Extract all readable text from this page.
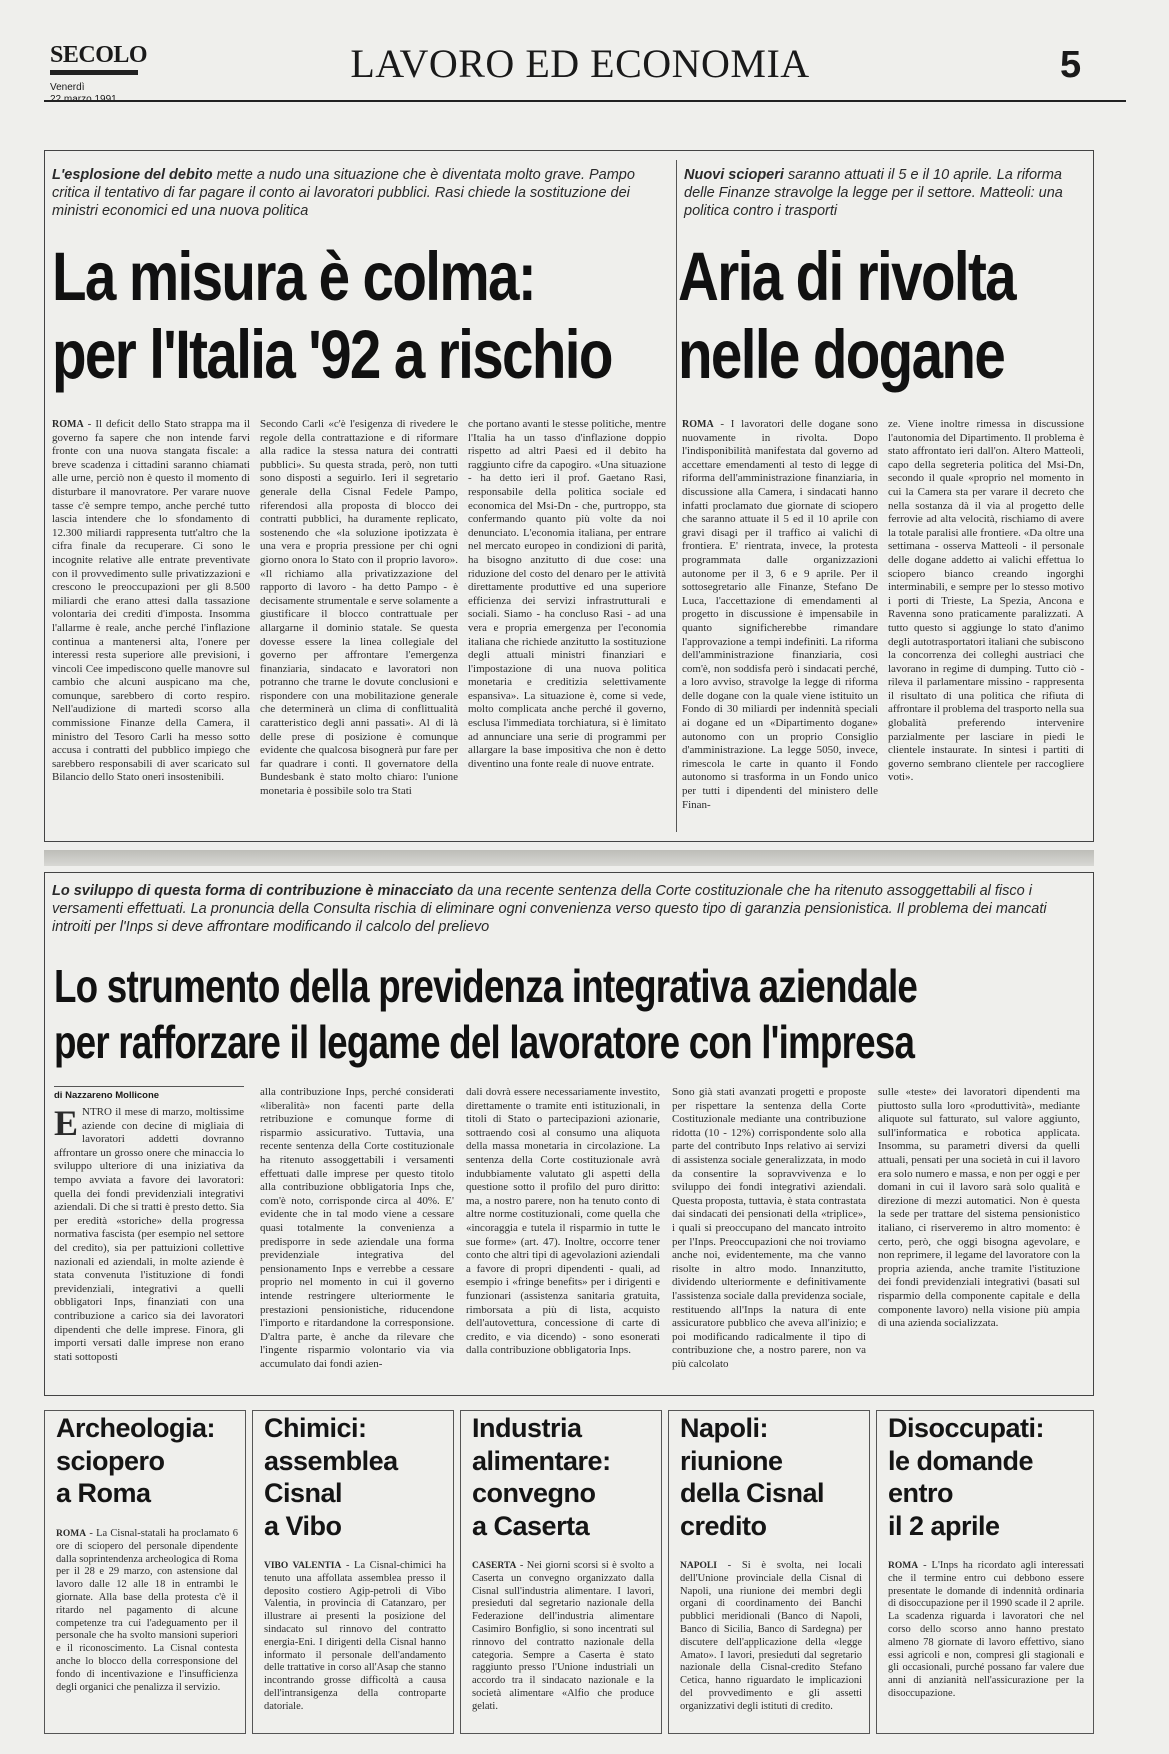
SECOLO
Venerdì
LAVORO ED ECONOMIA	5
L'esplosione del debito mette a nudo una situazione che è diventata molto grave. Pampo critica il tentativo di far pagare il conto ai lavoratori pubblici. Rasi chiede la sostituzione dei ministri economici ed una nuova politica
La misura è colma:
per l'Italia '92 a rischio
ROMA - Il deficit dello Stato strappa ma il governo fa sapere che non intende farvi fronte con una nuova stangata fiscale: a breve scadenza i cittadini saranno chiamati alle urne, perciò non è questo il momento di disturbare il manovratore. Per varare nuove tasse c'è sempre tempo, anche perché tutto lascia intendere che lo sfondamento di 12.300 miliardi rappresenta tutt'altro che la cifra finale da recuperare. Ci sono le incognite relative alle entrate preventivate con il provvedimento sulle privatizzazioni e crescono le preoccupazioni per gli 8.500 miliardi che erano attesi dalla tassazione volontaria dei crediti d'imposta. Insomma l'allarme è reale, anche perché l'inflazione continua a mantenersi alta, l'onere per interessi resta superiore alle previsioni, i vincoli Cee impediscono quelle manovre sul cambio che alcuni auspicano ma che, comunque, sarebbero di corto respiro. Nell'audizione di martedì scorso alla commissione Finanze della Camera, il ministro del Tesoro Carli ha messo sotto accusa i contratti del pubblico impiego che sarebbero responsabili di aver scaricato sul Bilancio dello Stato oneri insostenibili.
Secondo Carli «c'è l'esigenza di rivedere le regole della contrattazione e di riformare alla radice la stessa natura dei contratti pubblici». Su questa strada, però, non tutti sono disposti a seguirlo. Ieri il segretario generale della Cisnal Fedele Pampo, riferendosi alla proposta di blocco dei contratti pubblici, ha duramente replicato, sostenendo che «la soluzione ipotizzata è una vera e propria pressione per chi ogni giorno onora lo Stato con il proprio lavoro». «Il richiamo alla privatizzazione del rapporto di lavoro - ha detto Pampo - è decisamente strumentale e serve solamente a giustificare il blocco contrattuale per allargarne il dominio statale. Se questa dovesse essere la linea collegiale del governo per affrontare l'emergenza finanziaria, sindacato e lavoratori non potranno che trarne le dovute conclusioni e rispondere con una mobilitazione generale che determinerà un clima di conflittualità caratteristico degli anni passati». Al di là delle prese di posizione è comunque evidente che qualcosa bisognerà pur fare per far quadrare i conti. Il governatore della Bundesbank è stato molto chiaro: l'unione monetaria è possibile solo tra Stati
che portano avanti le stesse politiche, mentre l'Italia ha un tasso d'inflazione doppio rispetto ad altri Paesi ed il debito ha raggiunto cifre da capogiro. «Una situazione - ha detto ieri il prof. Gaetano Rasi, responsabile della politica sociale ed economica del Msi-Dn - che, purtroppo, sta confermando quanto più volte da noi denunciato. L'economia italiana, per entrare nel mercato europeo in condizioni di parità, ha bisogno anzitutto di due cose: una riduzione del costo del denaro per le attività direttamente produttive ed una superiore efficienza dei servizi infrastrutturali e sociali. Siamo - ha concluso Rasi - ad una vera e propria emergenza per l'economia italiana che richiede anzitutto la sostituzione degli attuali ministri finanziari e l'impostazione di una nuova politica monetaria e creditizia selettivamente espansiva». La situazione è, come si vede, molto complicata anche perché il governo, esclusa l'immediata torchiatura, si è limitato ad annunciare una serie di programmi per allargare la base impositiva che non è detto diventino una fonte reale di nuove entrate.
Nuovi scioperi saranno attuati il 5 e il 10 aprile. La riforma delle Finanze stravolge la legge per il settore. Matteoli: una politica contro i trasporti
Aria di rivolta
nelle dogane
ROMA - I lavoratori delle dogane sono nuovamente in rivolta. Dopo l'indisponibilità manifestata dal governo ad accettare emendamenti al testo di legge di riforma dell'amministrazione finanziaria, in discussione alla Camera, i sindacati hanno infatti proclamato due giornate di sciopero che saranno attuate il 5 ed il 10 aprile con gravi disagi per il traffico ai valichi di frontiera. E' rientrata, invece, la protesta programmata dalle organizzazioni autonome per il 3, 6 e 9 aprile. Per il sottosegretario alle Finanze, Stefano De Luca, l'accettazione di emendamenti al progetto in discussione è impensabile in quanto significherebbe rimandare l'approvazione a tempi indefiniti. La riforma dell'amministrazione finanziaria, così com'è, non soddisfa però i sindacati perché, a loro avviso, stravolge la legge di riforma delle dogane con la quale viene istituito un Fondo di 30 miliardi per indennità speciali ai dogane ed un «Dipartimento dogane» autonomo con un proprio Consiglio d'amministrazione. La legge 5050, invece, rimescola le carte in quanto il Fondo autonomo si trasforma in un Fondo unico per tutti i dipendenti del ministero delle Finan-
ze. Viene inoltre rimessa in discussione l'autonomia del Dipartimento. Il problema è stato affrontato ieri dall'on. Altero Matteoli, capo della segreteria politica del Msi-Dn, secondo il quale «proprio nel momento in cui la Camera sta per varare il decreto che nella sostanza dà il via al progetto delle ferrovie ad alta velocità, rischiamo di avere la totale paralisi alle frontiere. «Da oltre una settimana - osserva Matteoli - il personale delle dogane addetto ai valichi effettua lo sciopero bianco creando ingorghi interminabili, e sempre per lo stesso motivo i porti di Trieste, La Spezia, Ancona e Ravenna sono praticamente paralizzati. A tutto questo si aggiunge lo stato d'animo degli autotrasportatori italiani che subiscono la concorrenza dei colleghi austriaci che lavorano in regime di dumping. Tutto ciò - rileva il parlamentare missino - rappresenta il risultato di una politica che rifiuta di affrontare il problema del trasporto nella sua globalità preferendo intervenire parzialmente per lasciare in piedi le clientele instaurate. In sintesi i partiti di governo sembrano clientele per raccogliere voti».
Lo sviluppo di questa forma di contribuzione è minacciato da una recente sentenza della Corte costituzionale che ha ritenuto assoggettabili al fisco i versamenti effettuati. La pronuncia della Consulta rischia di eliminare ogni convenienza verso questo tipo di garanzia pensionistica. Il problema dei mancati introiti per l'Inps si deve affrontare modificando il calcolo del prelievo
Lo strumento della previdenza integrativa aziendale
per rafforzare il legame del lavoratore con l'impresa
di Nazzareno Mollicone
ENTRO il mese di marzo, moltissime aziende con decine di migliaia di lavoratori addetti dovranno affrontare un grosso onere che minaccia lo sviluppo ulteriore di una iniziativa da tempo avviata a favore dei lavoratori: quella dei fondi previdenziali integrativi aziendali. Di che si tratti è presto detto. Sia per eredità «storiche» della progressa normativa fascista (per esempio nel settore del credito), sia per pattuizioni collettive nazionali ed aziendali, in molte aziende è stata convenuta l'istituzione di fondi previdenziali, integrativi a quelli obbligatori Inps, finanziati con una contribuzione a carico sia dei lavoratori dipendenti che delle imprese. Finora, gli importi versati dalle imprese non erano stati sottoposti
alla contribuzione Inps, perché considerati «liberalità» non facenti parte della retribuzione e comunque forme di risparmio assicurativo. Tuttavia, una recente sentenza della Corte costituzionale ha ritenuto assoggettabili i versamenti effettuati dalle imprese per questo titolo alla contribuzione obbligatoria Inps che, com'è noto, corrisponde circa al 40%. E' evidente che in tal modo viene a cessare quasi totalmente la convenienza a predisporre in sede aziendale una forma previdenziale integrativa del pensionamento Inps e verrebbe a cessare proprio nel momento in cui il governo intende restringere ulteriormente le prestazioni pensionistiche, riducendone l'importo e ritardandone la corresponsione. D'altra parte, è anche da rilevare che l'ingente risparmio volontario via via accumulato dai fondi azien-
dali dovrà essere necessariamente investito, direttamente o tramite enti istituzionali, in titoli di Stato o partecipazioni azionarie, sottraendo così al consumo una aliquota della massa monetaria in circolazione. La sentenza della Corte costituzionale avrà indubbiamente valutato gli aspetti della questione sotto il profilo del puro diritto: ma, a nostro parere, non ha tenuto conto di altre norme costituzionali, come quella che «incoraggia e tutela il risparmio in tutte le sue forme» (art. 47). Inoltre, occorre tener conto che altri tipi di agevolazioni aziendali a favore di propri dipendenti - quali, ad esempio i «fringe benefits» per i dirigenti e funzionari (assistenza sanitaria gratuita, rimborsata a più di lista, acquisto dell'autovettura, concessione di carte di credito, e via dicendo) - sono esonerati dalla contribuzione obbligatoria Inps.
Sono già stati avanzati progetti e proposte per rispettare la sentenza della Corte Costituzionale mediante una contribuzione ridotta (10 - 12%) corrispondente solo alla parte del contributo Inps relativo ai servizi di assistenza sociale generalizzata, in modo da consentire la sopravvivenza e lo sviluppo dei fondi integrativi aziendali. Questa proposta, tuttavia, è stata contrastata dai sindacati dei pensionati della «triplice», i quali si preoccupano del mancato introito per l'Inps. Preoccupazioni che noi troviamo anche noi, evidentemente, ma che vanno risolte in altro modo. Innanzitutto, dividendo ulteriormente e definitivamente l'assistenza sociale dalla previdenza sociale, restituendo all'Inps la natura di ente assicuratore pubblico che aveva all'inizio; e poi modificando radicalmente il tipo di contribuzione che, a nostro parere, non va più calcolato
sulle «teste» dei lavoratori dipendenti ma piuttosto sulla loro «produttività», mediante aliquote sul fatturato, sul valore aggiunto, sull'informatica e robotica applicata. Insomma, su parametri diversi da quelli attuali, pensati per una società in cui il lavoro era solo numero e massa, e non per oggi e per domani in cui il lavoro sarà solo qualità e direzione di mezzi automatici. Non è questa la sede per trattare del sistema pensionistico italiano, ci riserveremo in altro momento: è certo, però, che oggi bisogna agevolare, e non reprimere, il legame del lavoratore con la propria azienda, anche tramite l'istituzione dei fondi previdenziali integrativi (basati sul risparmio della componente capitale e della componente lavoro) nella visione più ampia di una azienda socializzata.
Archeologia:
sciopero
a Roma
ROMA - La Cisnal-statali ha proclamato 6 ore di sciopero del personale dipendente dalla soprintendenza archeologica di Roma per il 28 e 29 marzo, con astensione dal lavoro dalle 12 alle 18 in entrambi le giornate. Alla base della protesta c'è il ritardo nel pagamento di alcune competenze tra cui l'adeguamento per il personale che ha svolto mansioni superiori e il riconoscimento. La Cisnal contesta anche lo blocco della corresponsione del fondo di incentivazione e l'insufficienza degli organici che penalizza il servizio.
Chimici:
assemblea
Cisnal
a Vibo
VIBO VALENTIA - La Cisnal-chimici ha tenuto una affollata assemblea presso il deposito costiero Agip-petroli di Vibo Valentia, in provincia di Catanzaro, per illustrare ai presenti la posizione del sindacato sul rinnovo del contratto energia-Eni. I dirigenti della Cisnal hanno informato il personale dell'andamento delle trattative in corso all'Asap che stanno incontrando grosse difficoltà a causa dell'intransigenza della controparte datoriale.
Industria
alimentare:
convegno
a Caserta
CASERTA - Nei giorni scorsi si è svolto a Caserta un convegno organizzato dalla Cisnal sull'industria alimentare. I lavori, presieduti dal segretario nazionale della Federazione dell'industria alimentare Casimiro Bonfiglio, si sono incentrati sul rinnovo del contratto nazionale della categoria. Sempre a Caserta è stato raggiunto presso l'Unione industriali un accordo tra il sindacato nazionale e la società alimentare «Alfio che produce gelati.
Napoli:
riunione
della Cisnal
credito
NAPOLI - Si è svolta, nei locali dell'Unione provinciale della Cisnal di Napoli, una riunione dei membri degli organi di coordinamento dei Banchi pubblici meridionali (Banco di Napoli, Banco di Sicilia, Banco di Sardegna) per discutere dell'applicazione della «legge Amato». I lavori, presieduti dal segretario nazionale della Cisnal-credito Stefano Cetica, hanno riguardato le implicazioni del provvedimento e gli assetti organizzativi degli istituti di credito.
Disoccupati:
le domande
entro
il 2 aprile
ROMA - L'Inps ha ricordato agli interessati che il termine entro cui debbono essere presentate le domande di indennità ordinaria di disoccupazione per il 1990 scade il 2 aprile. La scadenza riguarda i lavoratori che nel corso dello scorso anno hanno prestato almeno 78 giornate di lavoro effettivo, siano essi agricoli e non, compresi gli stagionali e gli occasionali, purché possano far valere due anni di anzianità nell'assicurazione per la disoccupazione.
